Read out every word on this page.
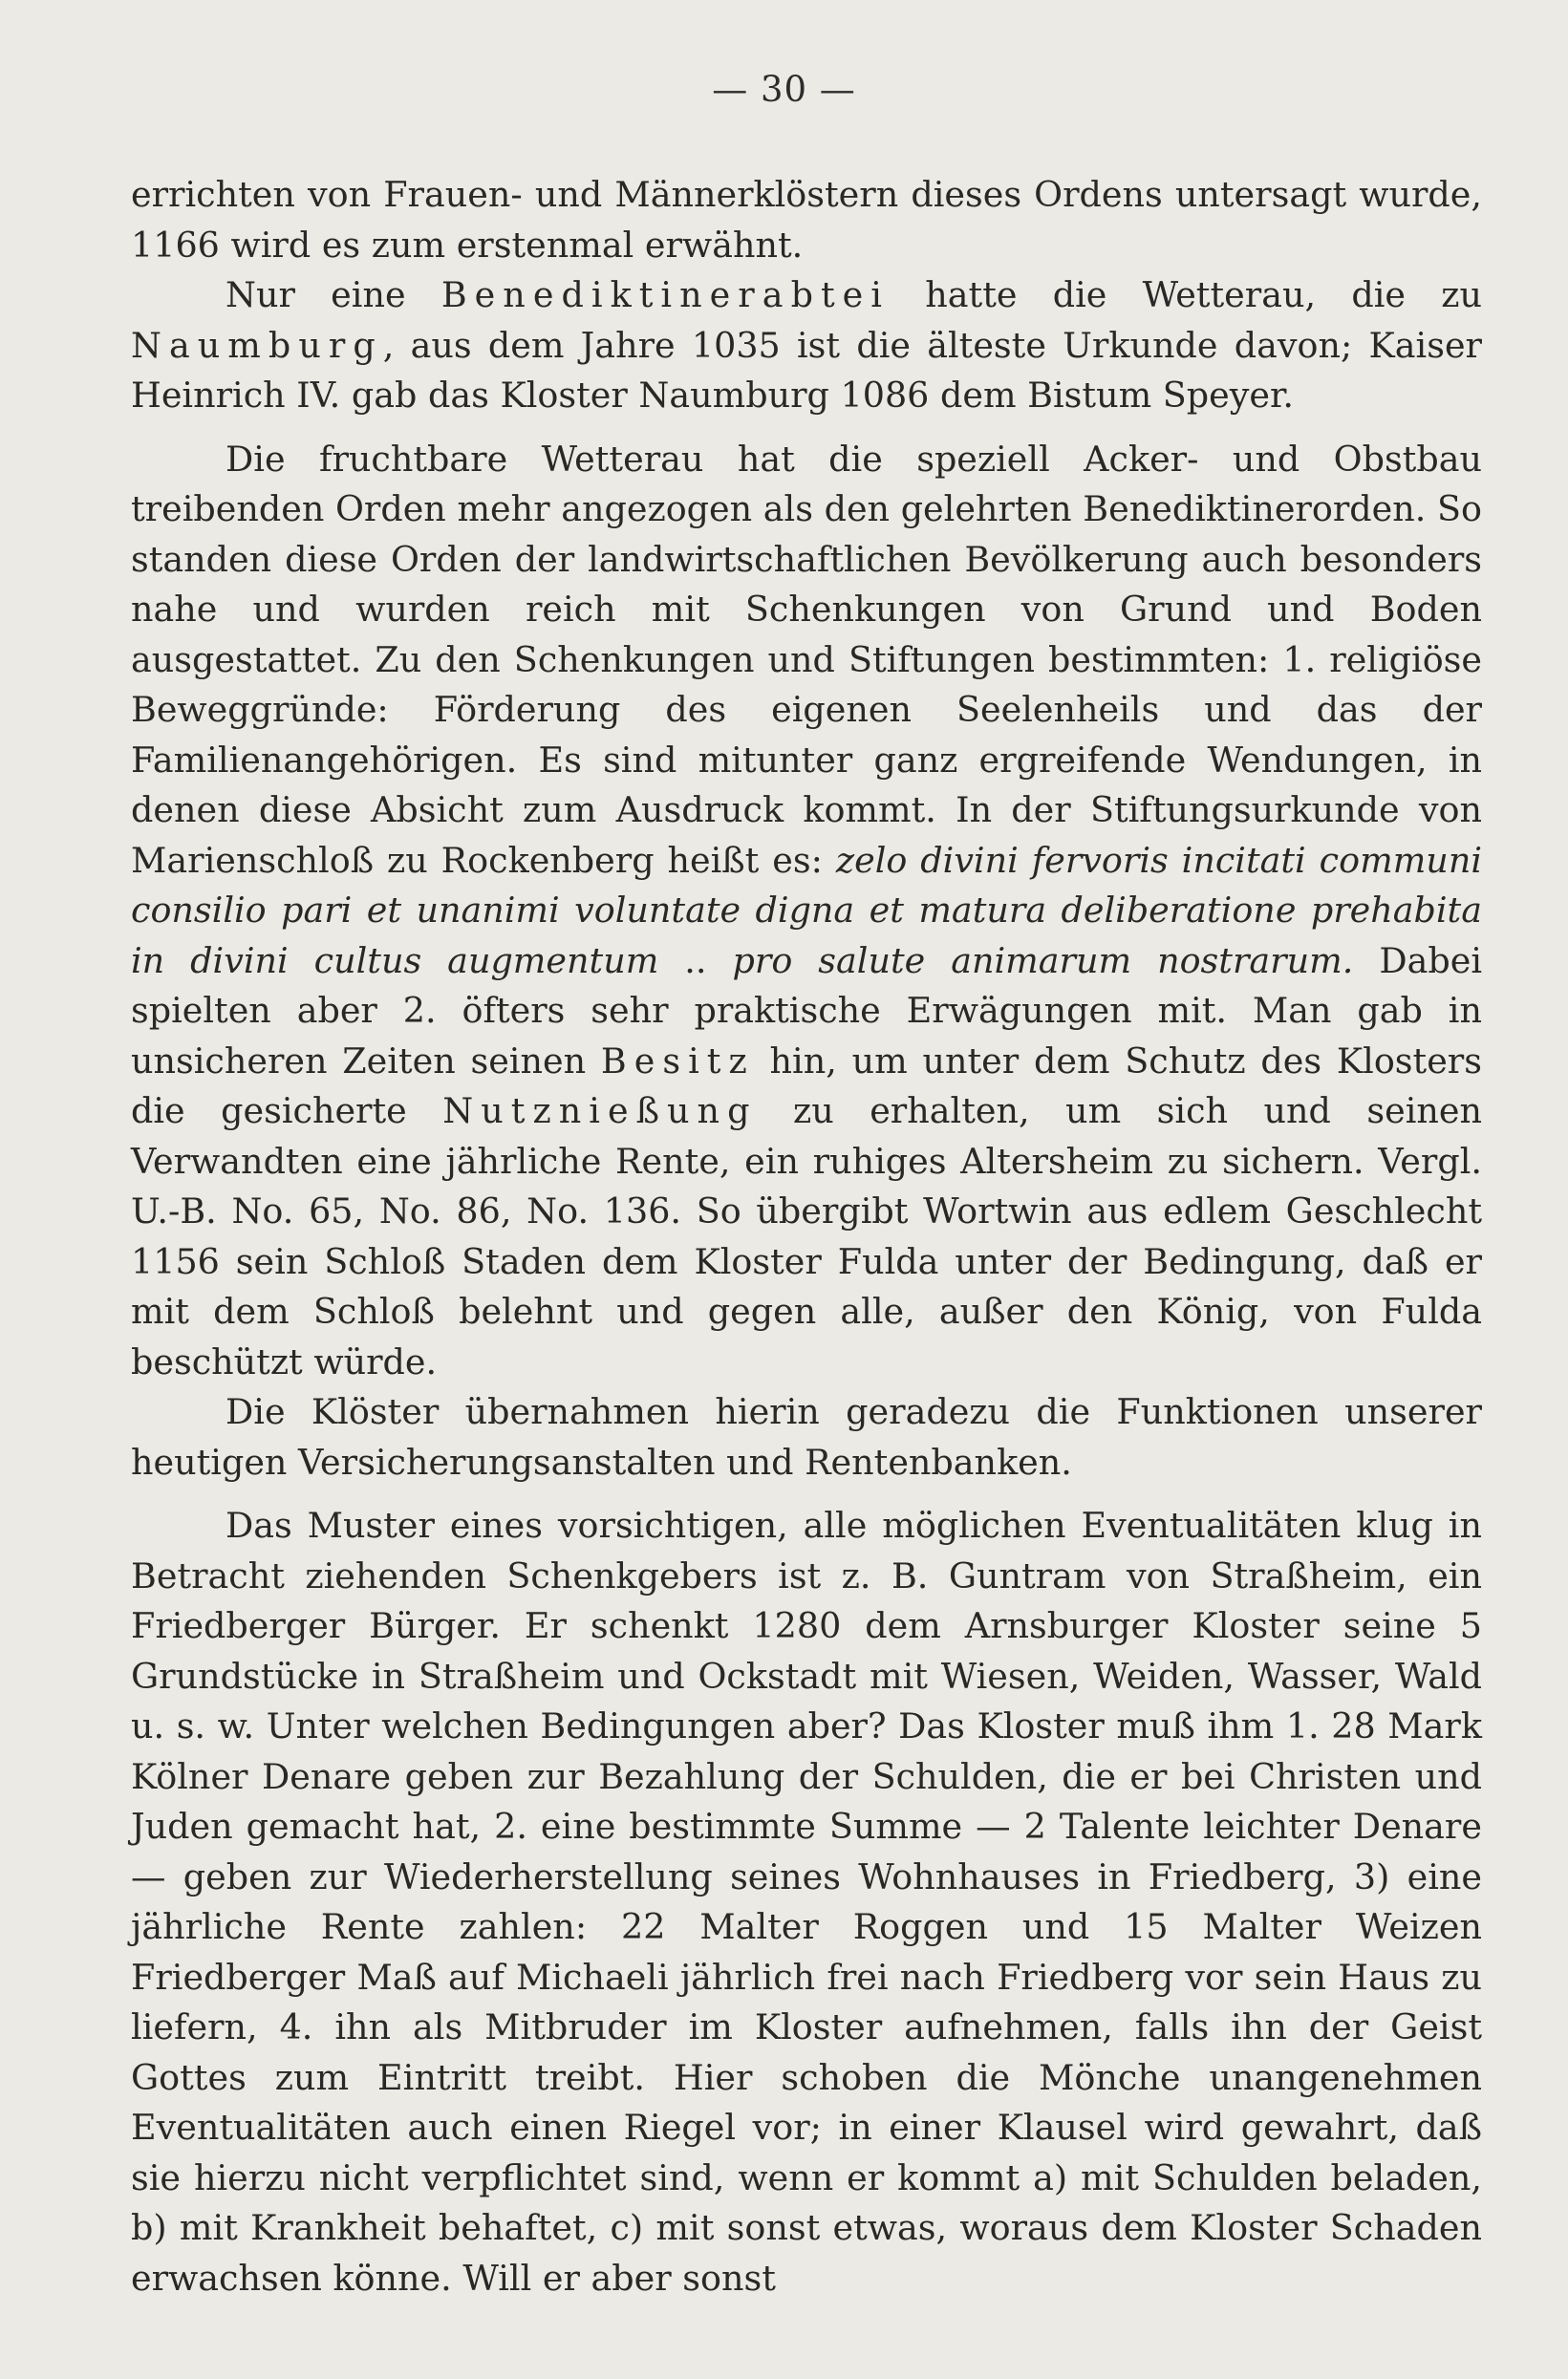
— 30 —

errichten von Frauen- und Männerklöstern dieses Ordens untersagt wurde, 1166 wird es zum erstenmal erwähnt.

Nur eine Benediktinerabtei hatte die Wetterau, die zu Naumburg, aus dem Jahre 1035 ist die älteste Urkunde davon; Kaiser Heinrich IV. gab das Kloster Naumburg 1086 dem Bistum Speyer.

Die fruchtbare Wetterau hat die speziell Acker- und Obstbau treibenden Orden mehr angezogen als den gelehrten Benediktinerorden. So standen diese Orden der landwirtschaftlichen Bevölkerung auch besonders nahe und wurden reich mit Schenkungen von Grund und Boden ausgestattet. Zu den Schenkungen und Stiftungen bestimmten: 1. religiöse Beweggründe: Förderung des eigenen Seelenheils und das der Familienangehörigen. Es sind mitunter ganz ergreifende Wendungen, in denen diese Absicht zum Ausdruck kommt. In der Stiftungsurkunde von Marienschloß zu Rockenberg heißt es: zelo divini fervoris incitati communi consilio pari et unanimi voluntate digna et matura deliberatione prehabita in divini cultus augmentum .. pro salute animarum nostrarum. Dabei spielten aber 2. öfters sehr praktische Erwägungen mit. Man gab in unsicheren Zeiten seinen Besitz hin, um unter dem Schutz des Klosters die gesicherte Nutznießung zu erhalten, um sich und seinen Verwandten eine jährliche Rente, ein ruhiges Altersheim zu sichern. Vergl. U.-B. No. 65, No. 86, No. 136. So übergibt Wortwin aus edlem Geschlecht 1156 sein Schloß Staden dem Kloster Fulda unter der Bedingung, daß er mit dem Schloß belehnt und gegen alle, außer den König, von Fulda beschützt würde.

Die Klöster übernahmen hierin geradezu die Funktionen unserer heutigen Versicherungsanstalten und Rentenbanken.

Das Muster eines vorsichtigen, alle möglichen Eventualitäten klug in Betracht ziehenden Schenkgebers ist z. B. Guntram von Straßheim, ein Friedberger Bürger. Er schenkt 1280 dem Arnsburger Kloster seine 5 Grundstücke in Straßheim und Ockstadt mit Wiesen, Weiden, Wasser, Wald u. s. w. Unter welchen Bedingungen aber? Das Kloster muß ihm 1. 28 Mark Kölner Denare geben zur Bezahlung der Schulden, die er bei Christen und Juden gemacht hat, 2. eine bestimmte Summe — 2 Talente leichter Denare — geben zur Wiederherstellung seines Wohnhauses in Friedberg, 3) eine jährliche Rente zahlen: 22 Malter Roggen und 15 Malter Weizen Friedberger Maß auf Michaeli jährlich frei nach Friedberg vor sein Haus zu liefern, 4. ihn als Mitbruder im Kloster aufnehmen, falls ihn der Geist Gottes zum Eintritt treibt. Hier schoben die Mönche unangenehmen Eventualitäten auch einen Riegel vor; in einer Klausel wird gewahrt, daß sie hierzu nicht verpflichtet sind, wenn er kommt a) mit Schulden beladen, b) mit Krankheit behaftet, c) mit sonst etwas, woraus dem Kloster Schaden erwachsen könne. Will er aber sonst
